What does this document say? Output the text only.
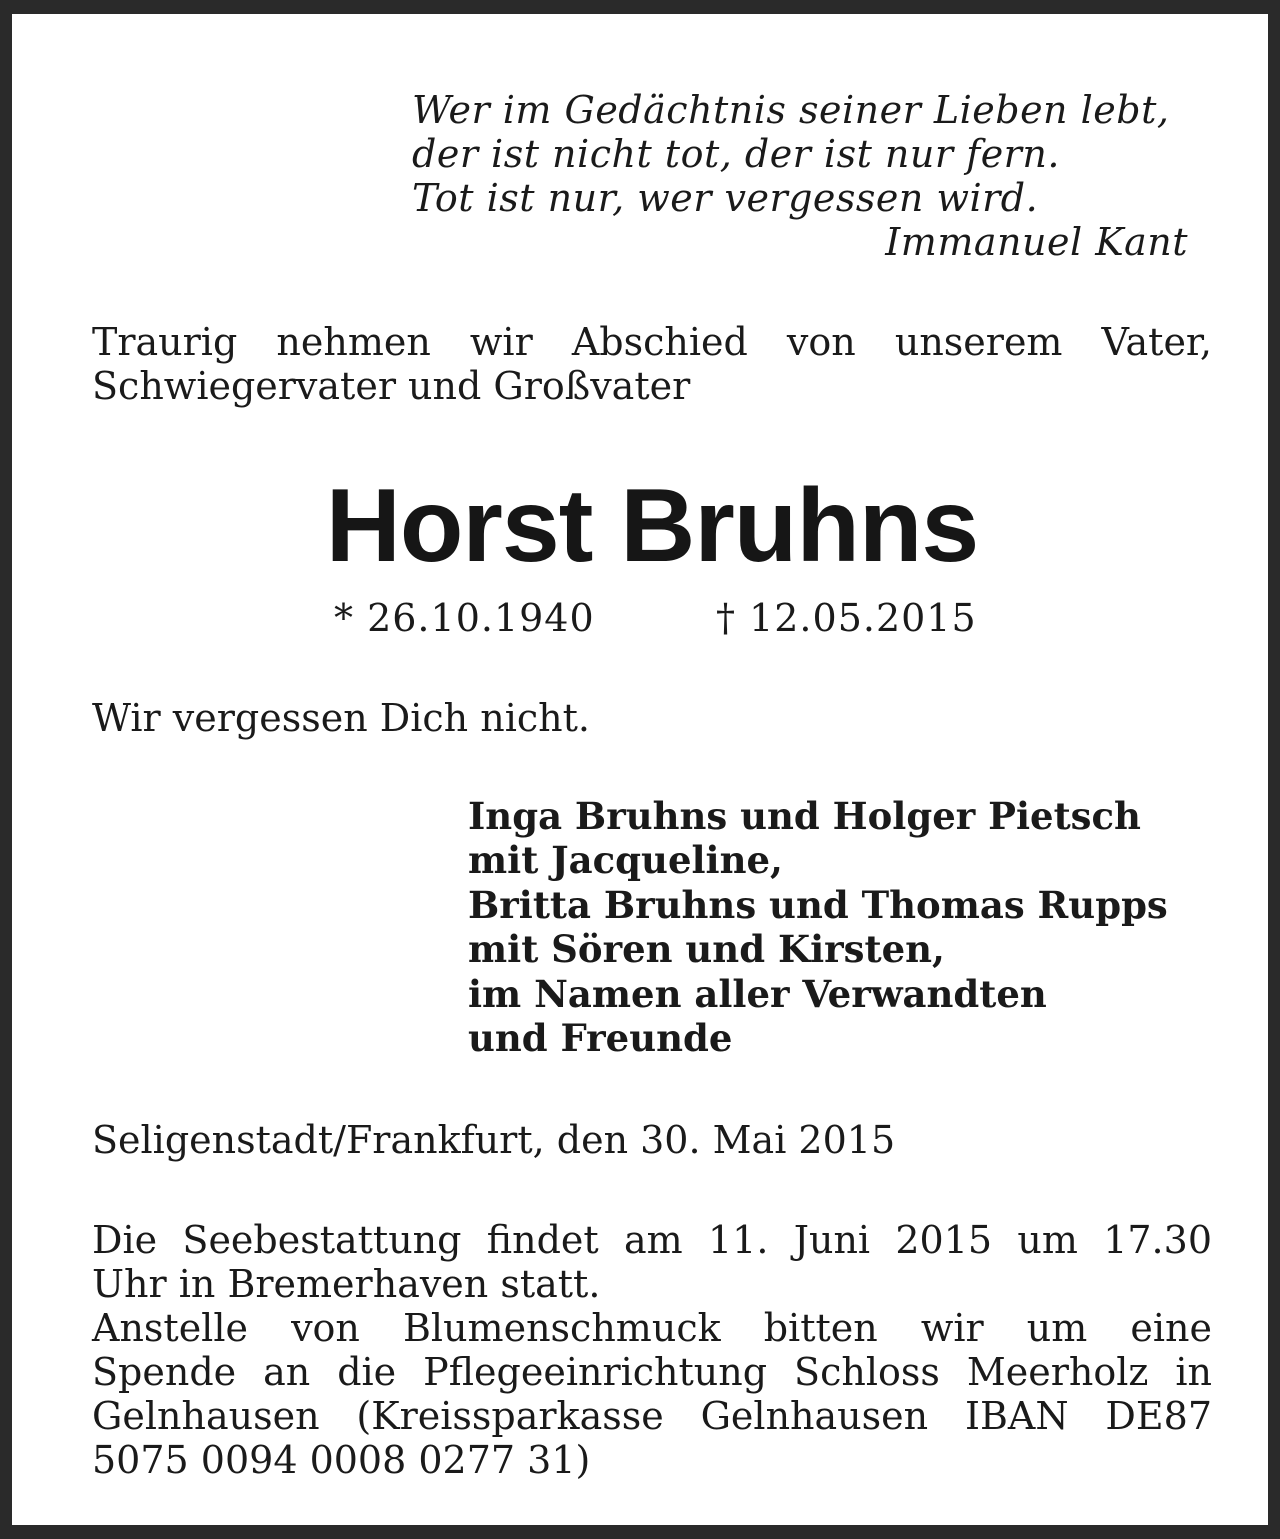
Wer im Gedächtnis seiner Lieben lebt,
der ist nicht tot, der ist nur fern.
Tot ist nur, wer vergessen wird.
Immanuel Kant
Traurig nehmen wir Abschied von unserem Vater,
Schwiegervater und Großvater
Horst Bruhns
* 26.10.1940	† 12.05.2015
Wir vergessen Dich nicht.
Inga Bruhns und Holger Pietsch
mit Jacqueline,
Britta Bruhns und Thomas Rupps
mit Sören und Kirsten,
im Namen aller Verwandten
und Freunde
Seligenstadt/Frankfurt, den 30. Mai 2015
Die Seebestattung findet am 11. Juni 2015 um 17.30
Uhr in Bremerhaven statt.
Anstelle von Blumenschmuck bitten wir um eine
Spende an die Pflegeeinrichtung Schloss Meerholz in
Gelnhausen (Kreissparkasse Gelnhausen IBAN DE87
5075 0094 0008 0277 31)
